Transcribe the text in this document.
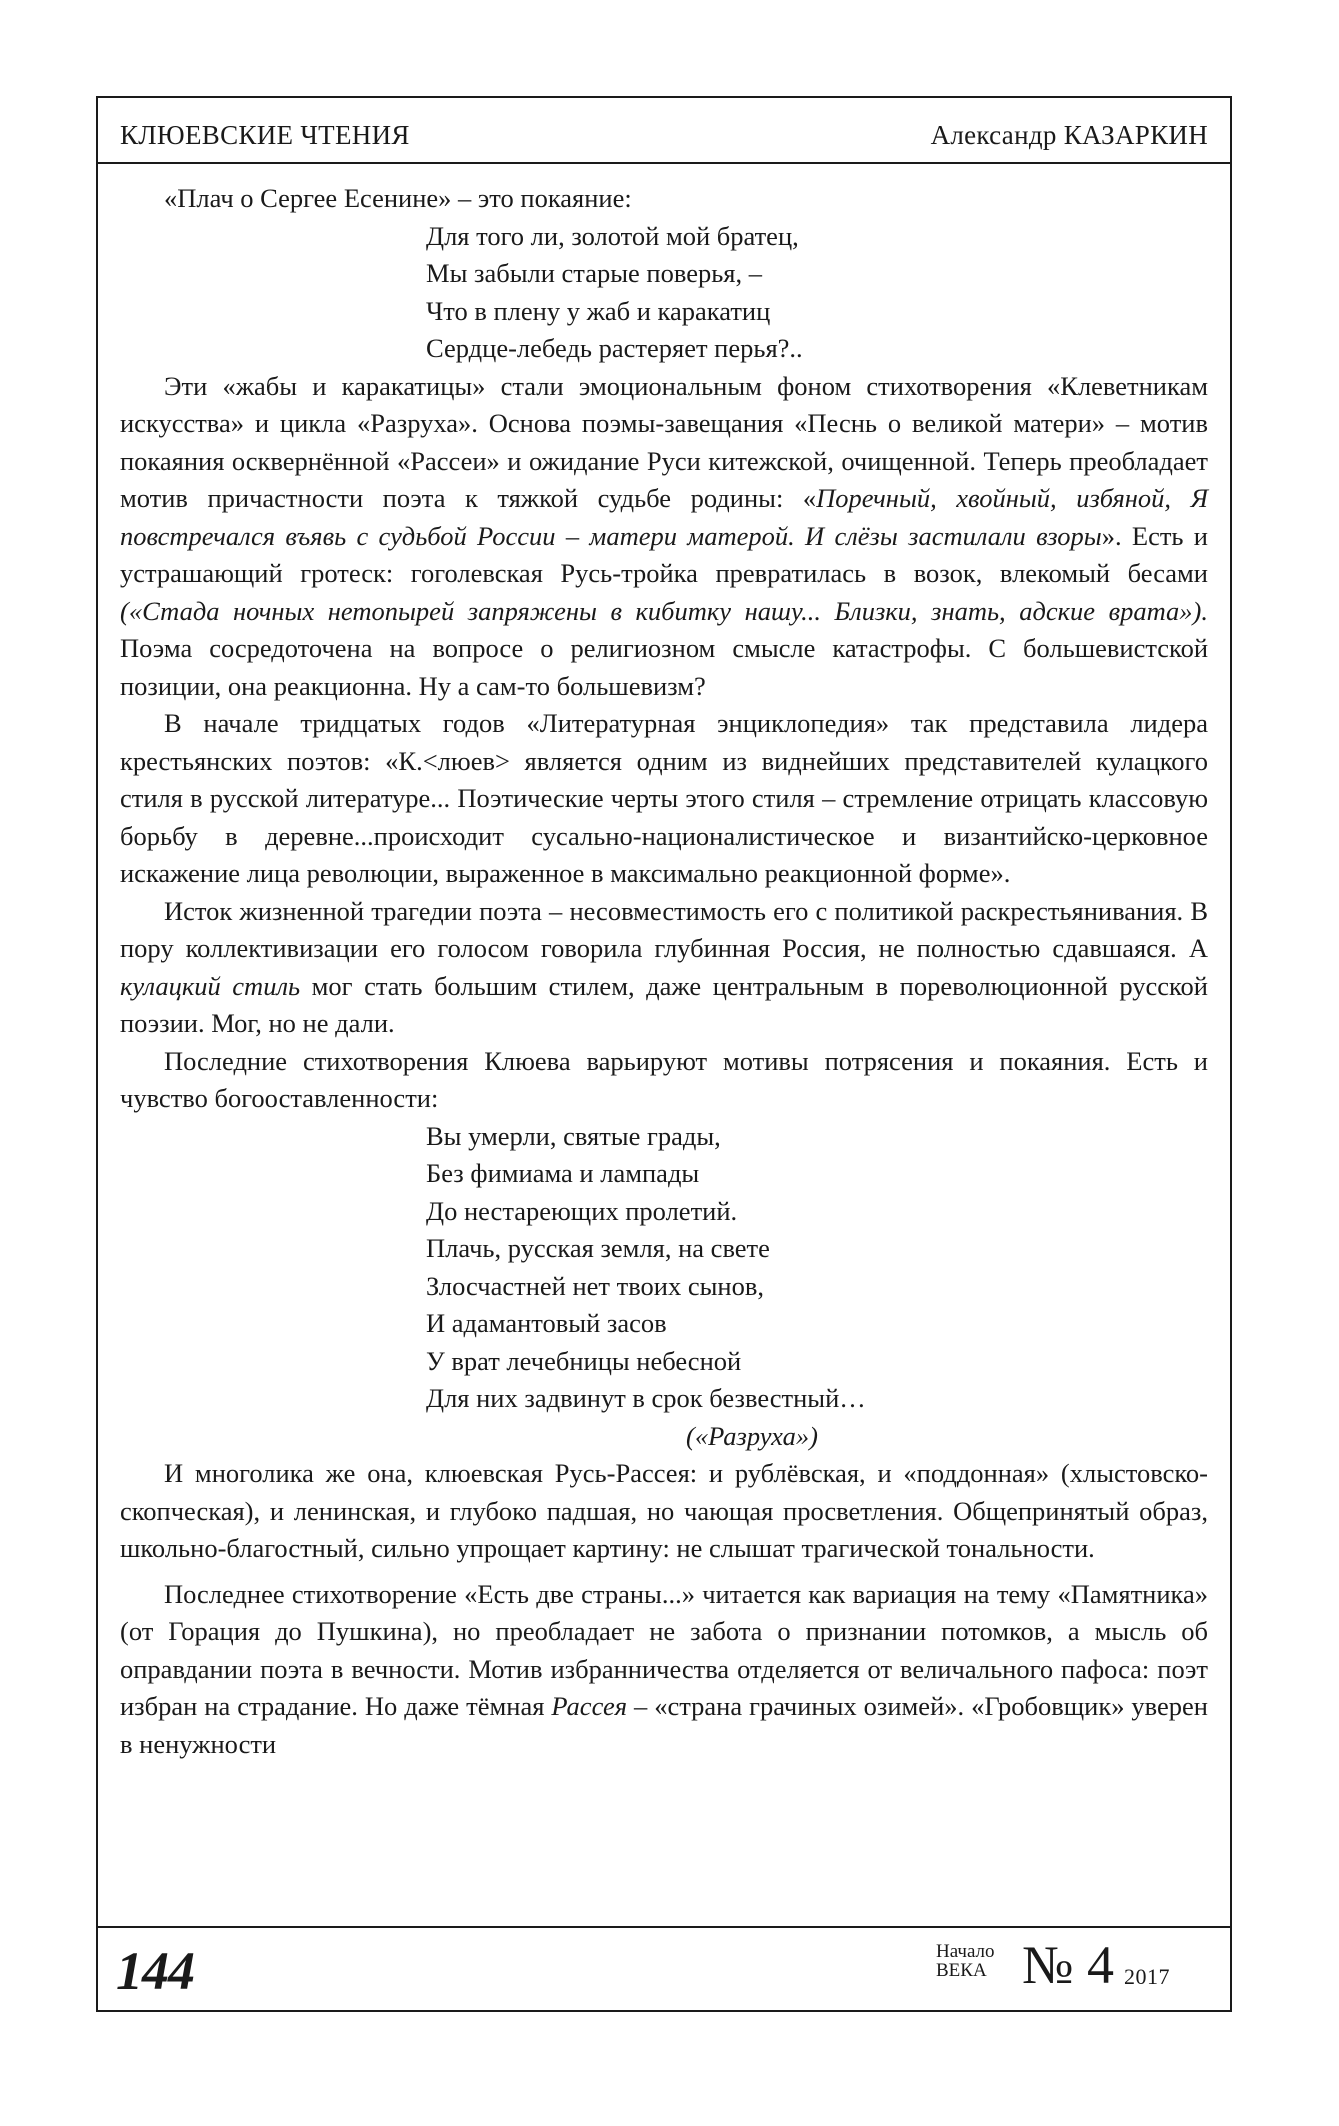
КЛЮЕВСКИЕ ЧТЕНИЯ	Александр КАЗАРКИН

«Плач о Сергее Есенине» – это покаяние:

Для того ли, золотой мой братец,
Мы забыли старые поверья, –
Что в плену у жаб и каракатиц
Сердце-лебедь растеряет перья?..

Эти «жабы и каракатицы» стали эмоциональным фоном стихотворения «Клеветникам искусства» и цикла «Разруха». Основа поэмы-завещания «Песнь о великой матери» – мотив покаяния осквернённой «Рассеи» и ожидание Руси китежской, очищенной. Теперь преобладает мотив причастности поэта к тяжкой судьбе родины: «Поречный, хвойный, избяной, Я повстречался въявь с судьбой России – матери матерой. И слёзы застилали взоры». Есть и устрашающий гротеск: гоголевская Русь-тройка превратилась в возок, влекомый бесами («Стада ночных нетопырей запряжены в кибитку нашу... Близки, знать, адские врата»). Поэма сосредоточена на вопросе о религиозном смысле катастрофы. С большевистской позиции, она реакционна. Ну а сам-то большевизм?

В начале тридцатых годов «Литературная энциклопедия» так представила лидера крестьянских поэтов: «К.<люев> является одним из виднейших представителей кулацкого стиля в русской литературе... Поэтические черты этого стиля – стремление отрицать классовую борьбу в деревне...происходит сусально-националистическое и византийско-церковное искажение лица революции, выраженное в максимально реакционной форме».

Исток жизненной трагедии поэта – несовместимость его с политикой раскрестьянивания. В пору коллективизации его голосом говорила глубинная Россия, не полностью сдавшаяся. А кулацкий стиль мог стать большим стилем, даже центральным в пореволюционной русской поэзии. Мог, но не дали.

Последние стихотворения Клюева варьируют мотивы потрясения и покаяния. Есть и чувство богооставленности:

Вы умерли, святые грады,
Без фимиама и лампады
До нестареющих пролетий.
Плачь, русская земля, на свете
Злосчастней нет твоих сынов,
И адамантовый засов
У врат лечебницы небесной
Для них задвинут в срок безвестный…
(«Разруха»)

И многолика же она, клюевская Русь-Рассея: и рублёвская, и «поддонная» (хлыстовско-скопческая), и ленинская, и глубоко падшая, но чающая просветления. Общепринятый образ, школьно-благостный, сильно упрощает картину: не слышат трагической тональности.

Последнее стихотворение «Есть две страны...» читается как вариация на тему «Памятника» (от Горация до Пушкина), но преобладает не забота о признании потомков, а мысль об оправдании поэта в вечности. Мотив избранничества отделяется от величального пафоса: поэт избран на страдание. Но даже тёмная Рассея – «страна грачиных озимей». «Гробовщик» уверен в ненужности

144	Начало
ВЕКА № 4 2017
